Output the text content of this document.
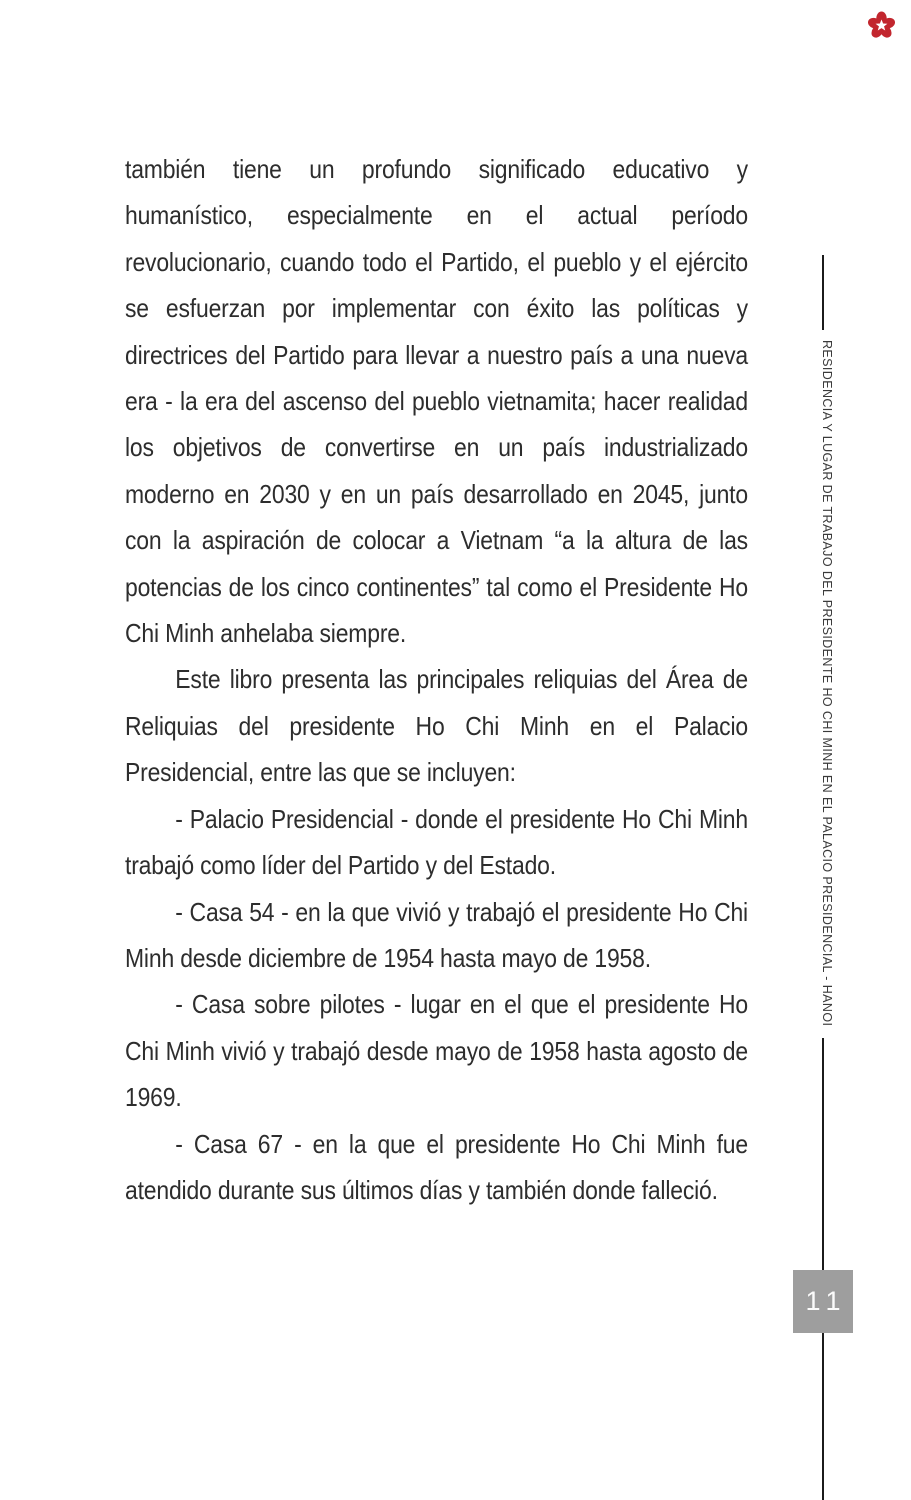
también tiene un profundo significado educativo y humanístico, especialmente en el actual período revolucionario, cuando todo el Partido, el pueblo y el ejército se esfuerzan por implementar con éxito las políticas y directrices del Partido para llevar a nuestro país a una nueva era - la era del ascenso del pueblo vietnamita; hacer realidad los objetivos de convertirse en un país industrializado moderno en 2030 y en un país desarrollado en 2045, junto con la aspiración de colocar a Vietnam “a la altura de las potencias de los cinco continentes” tal como el Presidente Ho Chi Minh anhelaba siempre.

Este libro presenta las principales reliquias del Área de Reliquias del presidente Ho Chi Minh en el Palacio Presidencial, entre las que se incluyen:

- Palacio Presidencial - donde el presidente Ho Chi Minh trabajó como líder del Partido y del Estado.

- Casa 54 - en la que vivió y trabajó el presidente Ho Chi Minh desde diciembre de 1954 hasta mayo de 1958.

- Casa sobre pilotes - lugar en el que el presidente Ho Chi Minh vivió y trabajó desde mayo de 1958 hasta agosto de 1969.

- Casa 67 - en la que el presidente Ho Chi Minh fue atendido durante sus últimos días y también donde falleció.

RESIDENCIA Y LUGAR DE TRABAJO DEL PRESIDENTE HO CHI MINH EN EL PALACIO PRESIDENCIAL - HANOI
11
